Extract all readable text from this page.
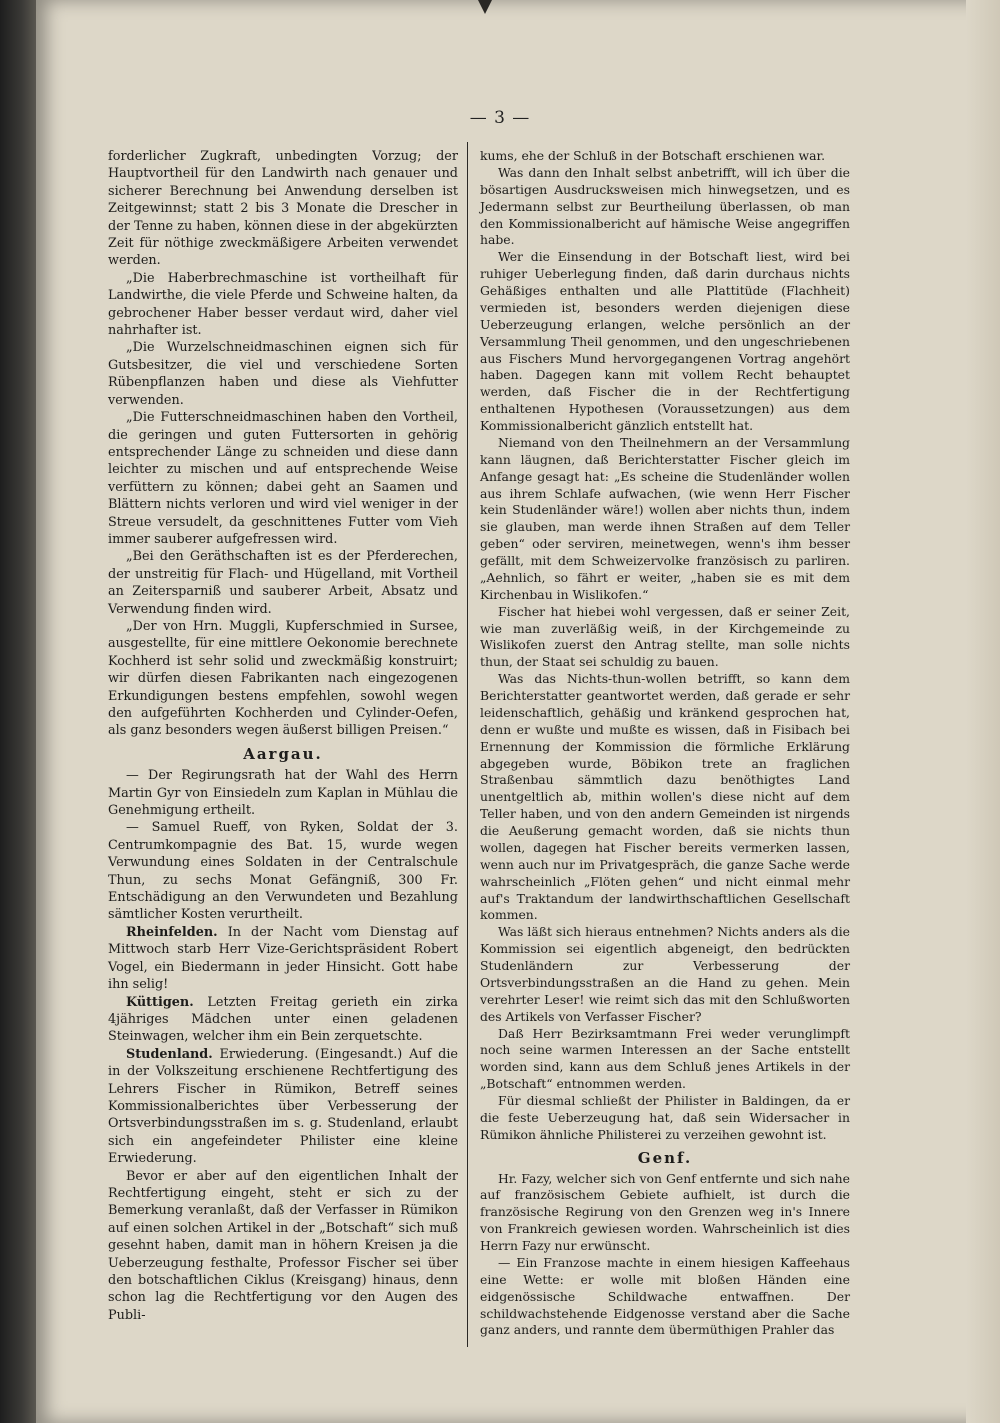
— 3 —

forderlicher Zugkraft, unbedingten Vorzug; der Hauptvortheil für den Landwirth nach genauer und sicherer Berechnung bei Anwendung derselben ist Zeitgewinnst; statt 2 bis 3 Monate die Drescher in der Tenne zu haben, können diese in der abgekürzten Zeit für nöthige zweckmäßigere Arbeiten verwendet werden.

„Die Haberbrechmaschine ist vortheilhaft für Landwirthe, die viele Pferde und Schweine halten, da gebrochener Haber besser verdaut wird, daher viel nahrhafter ist.

„Die Wurzelschneidmaschinen eignen sich für Gutsbesitzer, die viel und verschiedene Sorten Rübenpflanzen haben und diese als Viehfutter verwenden.

„Die Futterschneidmaschinen haben den Vortheil, die geringen und guten Futtersorten in gehörig entsprechender Länge zu schneiden und diese dann leichter zu mischen und auf entsprechende Weise verfüttern zu können; dabei geht an Saamen und Blättern nichts verloren und wird viel weniger in der Streue versudelt, da geschnittenes Futter vom Vieh immer sauberer aufgefressen wird.

„Bei den Geräthschaften ist es der Pferderechen, der unstreitig für Flach- und Hügelland, mit Vortheil an Zeitersparniß und sauberer Arbeit, Absatz und Verwendung finden wird.

„Der von Hrn. Muggli, Kupferschmied in Sursee, ausgestellte, für eine mittlere Oekonomie berechnete Kochherd ist sehr solid und zweckmäßig konstruirt; wir dürfen diesen Fabrikanten nach eingezogenen Erkundigungen bestens empfehlen, sowohl wegen den aufgeführten Kochherden und Cylinder-Oefen, als ganz besonders wegen äußerst billigen Preisen.“

Aargau.

— Der Regirungsrath hat der Wahl des Herrn Martin Gyr von Einsiedeln zum Kaplan in Mühlau die Genehmigung ertheilt.

— Samuel Rueff, von Ryken, Soldat der 3. Centrumkompagnie des Bat. 15, wurde wegen Verwundung eines Soldaten in der Centralschule Thun, zu sechs Monat Gefängniß, 300 Fr. Entschädigung an den Verwundeten und Bezahlung sämtlicher Kosten verurtheilt.

Rheinfelden. In der Nacht vom Dienstag auf Mittwoch starb Herr Vize-Gerichtspräsident Robert Vogel, ein Biedermann in jeder Hinsicht. Gott habe ihn selig!

Küttigen. Letzten Freitag gerieth ein zirka 4jähriges Mädchen unter einen geladenen Steinwagen, welcher ihm ein Bein zerquetschte.

Studenland. Erwiederung. (Eingesandt.) Auf die in der Volkszeitung erschienene Rechtfertigung des Lehrers Fischer in Rümikon, Betreff seines Kommissionalberichtes über Verbesserung der Ortsverbindungsstraßen im s. g. Studenland, erlaubt sich ein angefeindeter Philister eine kleine Erwiederung.

Bevor er aber auf den eigentlichen Inhalt der Rechtfertigung eingeht, steht er sich zu der Bemerkung veranlaßt, daß der Verfasser in Rümikon auf einen solchen Artikel in der „Botschaft“ sich muß gesehnt haben, damit man in höhern Kreisen ja die Ueberzeugung festhalte, Professor Fischer sei über den botschaftlichen Ciklus (Kreisgang) hinaus, denn schon lag die Rechtfertigung vor den Augen des Publi-

kums, ehe der Schluß in der Botschaft erschienen war.

Was dann den Inhalt selbst anbetrifft, will ich über die bösartigen Ausdrucksweisen mich hinwegsetzen, und es Jedermann selbst zur Beurtheilung überlassen, ob man den Kommissionalbericht auf hämische Weise angegriffen habe.

Wer die Einsendung in der Botschaft liest, wird bei ruhiger Ueberlegung finden, daß darin durchaus nichts Gehäßiges enthalten und alle Plattitüde (Flachheit) vermieden ist, besonders werden diejenigen diese Ueberzeugung erlangen, welche persönlich an der Versammlung Theil genommen, und den ungeschriebenen aus Fischers Mund hervorgegangenen Vortrag angehört haben. Dagegen kann mit vollem Recht behauptet werden, daß Fischer die in der Rechtfertigung enthaltenen Hypothesen (Voraussetzungen) aus dem Kommissionalbericht gänzlich entstellt hat.

Niemand von den Theilnehmern an der Versammlung kann läugnen, daß Berichterstatter Fischer gleich im Anfange gesagt hat: „Es scheine die Studenländer wollen aus ihrem Schlafe aufwachen, (wie wenn Herr Fischer kein Studenländer wäre!) wollen aber nichts thun, indem sie glauben, man werde ihnen Straßen auf dem Teller geben“ oder serviren, meinetwegen, wenn's ihm besser gefällt, mit dem Schweizervolke französisch zu parliren. „Aehnlich, so fährt er weiter, „haben sie es mit dem Kirchenbau in Wislikofen.“

Fischer hat hiebei wohl vergessen, daß er seiner Zeit, wie man zuverläßig weiß, in der Kirchgemeinde zu Wislikofen zuerst den Antrag stellte, man solle nichts thun, der Staat sei schuldig zu bauen.

Was das Nichts-thun-wollen betrifft, so kann dem Berichterstatter geantwortet werden, daß gerade er sehr leidenschaftlich, gehäßig und kränkend gesprochen hat, denn er wußte und mußte es wissen, daß in Fisibach bei Ernennung der Kommission die förmliche Erklärung abgegeben wurde, Böbikon trete an fraglichen Straßenbau sämmtlich dazu benöthigtes Land unentgeltlich ab, mithin wollen's diese nicht auf dem Teller haben, und von den andern Gemeinden ist nirgends die Aeußerung gemacht worden, daß sie nichts thun wollen, dagegen hat Fischer bereits vermerken lassen, wenn auch nur im Privatgespräch, die ganze Sache werde wahrscheinlich „Flöten gehen“ und nicht einmal mehr auf's Traktandum der landwirthschaftlichen Gesellschaft kommen.

Was läßt sich hieraus entnehmen? Nichts anders als die Kommission sei eigentlich abgeneigt, den bedrückten Studenländern zur Verbesserung der Ortsverbindungsstraßen an die Hand zu gehen. Mein verehrter Leser! wie reimt sich das mit den Schlußworten des Artikels von Verfasser Fischer?

Daß Herr Bezirksamtmann Frei weder verunglimpft noch seine warmen Interessen an der Sache entstellt worden sind, kann aus dem Schluß jenes Artikels in der „Botschaft“ entnommen werden.

Für diesmal schließt der Philister in Baldingen, da er die feste Ueberzeugung hat, daß sein Widersacher in Rümikon ähnliche Philisterei zu verzeihen gewohnt ist.

Genf.

Hr. Fazy, welcher sich von Genf entfernte und sich nahe auf französischem Gebiete aufhielt, ist durch die französische Regirung von den Grenzen weg in's Innere von Frankreich gewiesen worden. Wahrscheinlich ist dies Herrn Fazy nur erwünscht.

— Ein Franzose machte in einem hiesigen Kaffeehaus eine Wette: er wolle mit bloßen Händen eine eidgenössische Schildwache entwaffnen. Der schildwachstehende Eidgenosse verstand aber die Sache ganz anders, und rannte dem übermüthigen Prahler das
